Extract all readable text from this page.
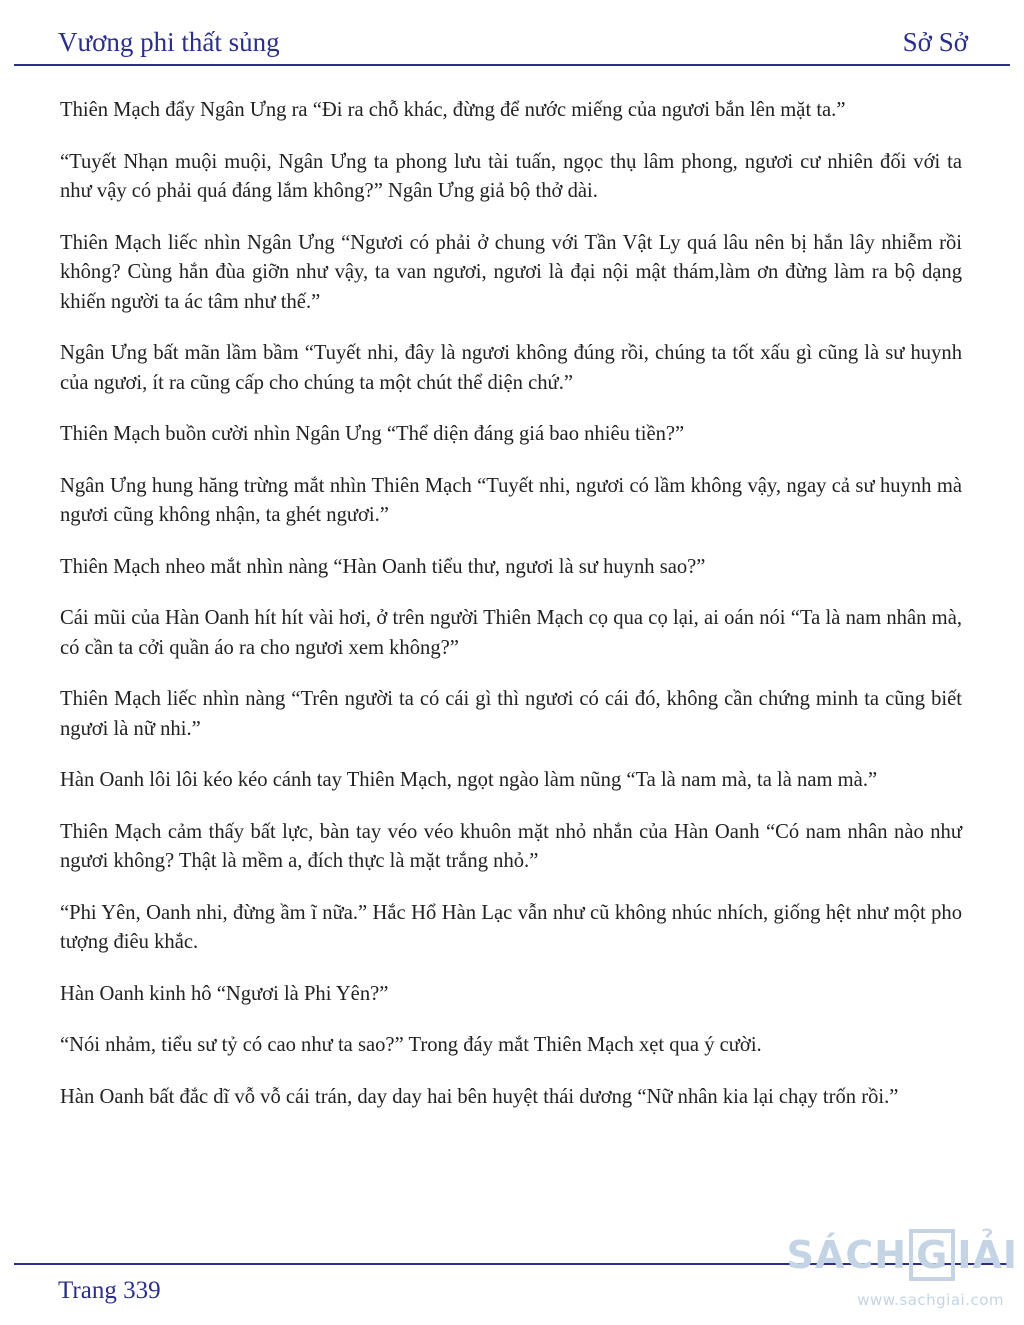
Vương phi thất sủng	Sở Sở

Thiên Mạch đẩy Ngân Ưng ra “Đi ra chỗ khác, đừng để nước miếng của ngươi bắn lên mặt ta.”

“Tuyết Nhạn muội muội, Ngân Ưng ta phong lưu tài tuấn, ngọc thụ lâm phong, ngươi cư nhiên đối với ta như vậy có phải quá đáng lắm không?” Ngân Ưng giả bộ thở dài.

Thiên Mạch liếc nhìn Ngân Ưng “Ngươi có phải ở chung với Tần Vật Ly quá lâu nên bị hắn lây nhiễm rồi không? Cùng hắn đùa giỡn như vậy, ta van ngươi, ngươi là đại nội mật thám,làm ơn đừng làm ra bộ dạng khiến người ta ác tâm như thế.”

Ngân Ưng bất mãn lầm bầm “Tuyết nhi, đây là ngươi không đúng rồi, chúng ta tốt xấu gì cũng là sư huynh của ngươi, ít ra cũng cấp cho chúng ta một chút thể diện chứ.”

Thiên Mạch buồn cười nhìn Ngân Ưng “Thể diện đáng giá bao nhiêu tiền?”

Ngân Ưng hung hăng trừng mắt nhìn Thiên Mạch “Tuyết nhi, ngươi có lầm không vậy, ngay cả sư huynh mà ngươi cũng không nhận, ta ghét ngươi.”

Thiên Mạch nheo mắt nhìn nàng “Hàn Oanh tiểu thư, ngươi là sư huynh sao?”

Cái mũi của Hàn Oanh hít hít vài hơi, ở trên người Thiên Mạch cọ qua cọ lại, ai oán nói “Ta là nam nhân mà, có cần ta cởi quần áo ra cho ngươi xem không?”

Thiên Mạch liếc nhìn nàng “Trên người ta có cái gì thì ngươi có cái đó, không cần chứng minh ta cũng biết ngươi là nữ nhi.”

Hàn Oanh lôi lôi kéo kéo cánh tay Thiên Mạch, ngọt ngào làm nũng “Ta là nam mà, ta là nam mà.”

Thiên Mạch cảm thấy bất lực, bàn tay véo véo khuôn mặt nhỏ nhắn của Hàn Oanh “Có nam nhân nào như ngươi không? Thật là mềm a, đích thực là mặt trắng nhỏ.”

“Phi Yên, Oanh nhi, đừng ầm ĩ nữa.” Hắc Hổ Hàn Lạc vẫn như cũ không nhúc nhích, giống hệt như một pho tượng điêu khắc.

Hàn Oanh kinh hô “Ngươi là Phi Yên?”

“Nói nhảm, tiểu sư tỷ có cao như ta sao?” Trong đáy mắt Thiên Mạch xẹt qua ý cười.

Hàn Oanh bất đắc dĩ vỗ vỗ cái trán, day day hai bên huyệt thái dương “Nữ nhân kia lại chạy trốn rồi.”

Trang 339
SÁCH G IẢI
www.sachgiai.com
